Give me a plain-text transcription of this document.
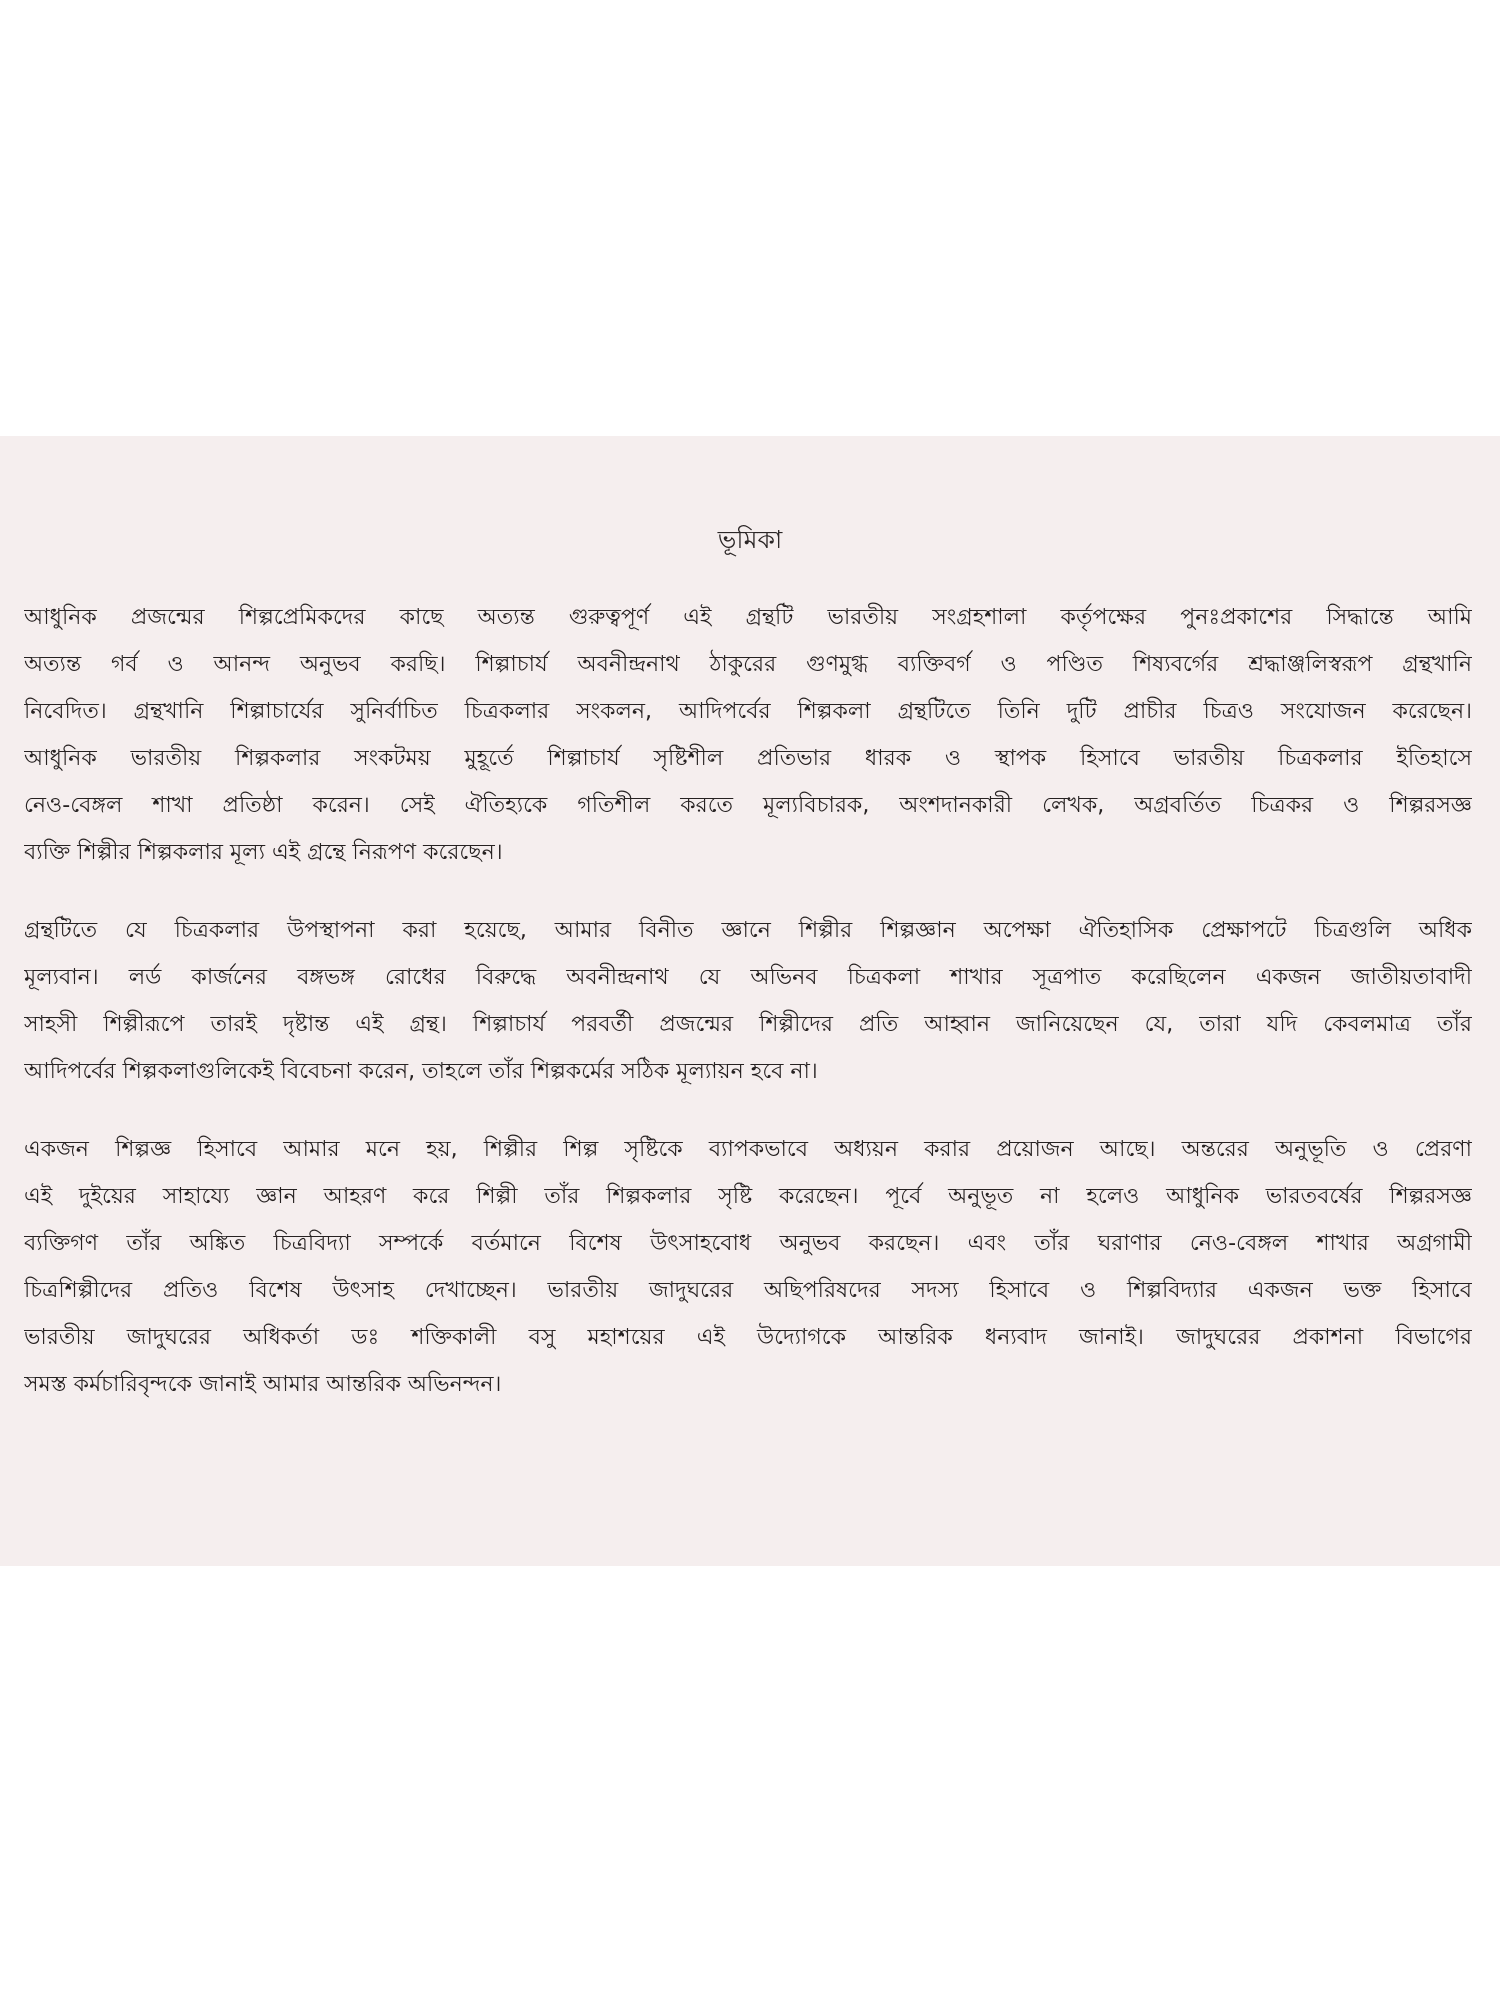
ভূমিকা

আধুনিক প্রজন্মের শিল্পপ্রেমিকদের কাছে অত্যন্ত গুরুত্বপূর্ণ এই গ্রন্থটি ভারতীয় সংগ্রহশালা কর্তৃপক্ষের পুনঃপ্রকাশের সিদ্ধান্তে আমি
অত্যন্ত গর্ব ও আনন্দ অনুভব করছি। শিল্পাচার্য অবনীন্দ্রনাথ ঠাকুরের গুণমুগ্ধ ব্যক্তিবর্গ ও পণ্ডিত শিষ্যবর্গের শ্রদ্ধাঞ্জলিস্বরূপ গ্রন্থখানি
নিবেদিত। গ্রন্থখানি শিল্পাচার্যের সুনির্বাচিত চিত্রকলার সংকলন, আদিপর্বের শিল্পকলা গ্রন্থটিতে তিনি দুটি প্রাচীর চিত্রও সংযোজন করেছেন।
আধুনিক ভারতীয় শিল্পকলার সংকটময় মুহূর্তে শিল্পাচার্য সৃষ্টিশীল প্রতিভার ধারক ও স্থাপক হিসাবে ভারতীয় চিত্রকলার ইতিহাসে
নেও-বেঙ্গল শাখা প্রতিষ্ঠা করেন। সেই ঐতিহ্যকে গতিশীল করতে মূল্যবিচারক, অংশদানকারী লেখক, অগ্রবর্তিত চিত্রকর ও শিল্পরসজ্ঞ
ব্যক্তি শিল্পীর শিল্পকলার মূল্য এই গ্রন্থে নিরূপণ করেছেন।

গ্রন্থটিতে যে চিত্রকলার উপস্থাপনা করা হয়েছে, আমার বিনীত জ্ঞানে শিল্পীর শিল্পজ্ঞান অপেক্ষা ঐতিহাসিক প্রেক্ষাপটে চিত্রগুলি অধিক
মূল্যবান। লর্ড কার্জনের বঙ্গভঙ্গ রোধের বিরুদ্ধে অবনীন্দ্রনাথ যে অভিনব চিত্রকলা শাখার সূত্রপাত করেছিলেন একজন জাতীয়তাবাদী
সাহসী শিল্পীরূপে তারই দৃষ্টান্ত এই গ্রন্থ। শিল্পাচার্য পরবর্তী প্রজন্মের শিল্পীদের প্রতি আহ্বান জানিয়েছেন যে, তারা যদি কেবলমাত্র তাঁর
আদিপর্বের শিল্পকলাগুলিকেই বিবেচনা করেন, তাহলে তাঁর শিল্পকর্মের সঠিক মূল্যায়ন হবে না।

একজন শিল্পজ্ঞ হিসাবে আমার মনে হয়, শিল্পীর শিল্প সৃষ্টিকে ব্যাপকভাবে অধ্যয়ন করার প্রয়োজন আছে। অন্তরের অনুভূতি ও প্রেরণা
এই দুইয়ের সাহায্যে জ্ঞান আহরণ করে শিল্পী তাঁর শিল্পকলার সৃষ্টি করেছেন। পূর্বে অনুভূত না হলেও আধুনিক ভারতবর্ষের শিল্পরসজ্ঞ
ব্যক্তিগণ তাঁর অঙ্কিত চিত্রবিদ্যা সম্পর্কে বর্তমানে বিশেষ উৎসাহবোধ অনুভব করছেন। এবং তাঁর ঘরাণার নেও-বেঙ্গল শাখার অগ্রগামী
চিত্রশিল্পীদের প্রতিও বিশেষ উৎসাহ দেখাচ্ছেন। ভারতীয় জাদুঘরের অছিপরিষদের সদস্য হিসাবে ও শিল্পবিদ্যার একজন ভক্ত হিসাবে
ভারতীয় জাদুঘরের অধিকর্তা ডঃ শক্তিকালী বসু মহাশয়ের এই উদ্যোগকে আন্তরিক ধন্যবাদ জানাই। জাদুঘরের প্রকাশনা বিভাগের
সমস্ত কর্মচারিবৃন্দকে জানাই আমার আন্তরিক অভিনন্দন।
